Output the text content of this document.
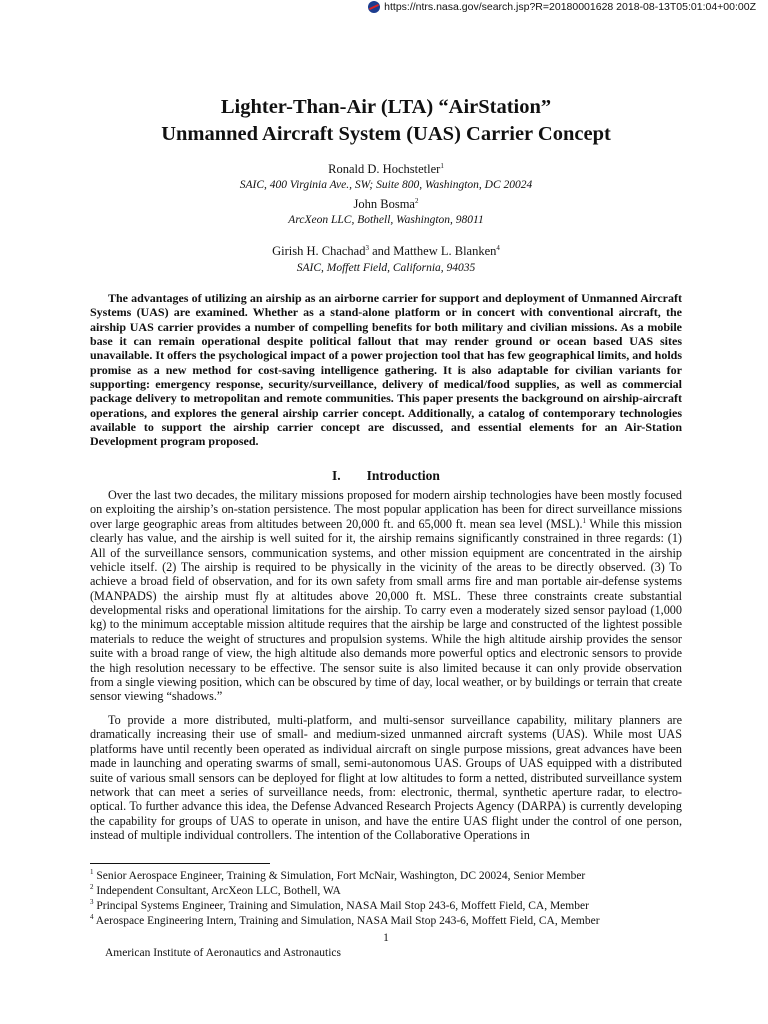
https://ntrs.nasa.gov/search.jsp?R=20180001628 2018-08-13T05:01:04+00:00Z
Lighter-Than-Air (LTA) “AirStation”
Unmanned Aircraft System (UAS) Carrier Concept
Ronald D. Hochstetler$^1$
SAIC, 400 Virginia Ave., SW; Suite 800, Washington, DC 20024
John Bosma$^2$
ArcXeon LLC, Bothell, Washington, 98011
Girish H. Chachad$^3$ and Matthew L. Blanken$^4$
SAIC, Moffett Field, California, 94035

The advantages of utilizing an airship as an airborne carrier for support and deployment of Unmanned Aircraft Systems (UAS) are examined. Whether as a stand-alone platform or in concert with conventional aircraft, the airship UAS carrier provides a number of compelling benefits for both military and civilian missions. As a mobile base it can remain operational despite political fallout that may render ground or ocean based UAS sites unavailable. It offers the psychological impact of a power projection tool that has few geographical limits, and holds promise as a new method for cost-saving intelligence gathering. It is also adaptable for civilian variants for supporting: emergency response, security/surveillance, delivery of medical/food supplies, as well as commercial package delivery to metropolitan and remote communities. This paper presents the background on airship-aircraft operations, and explores the general airship carrier concept. Additionally, a catalog of contemporary technologies available to support the airship carrier concept are discussed, and essential elements for an Air-Station Development program proposed.

I. Introduction

Over the last two decades, the military missions proposed for modern airship technologies have been mostly focused on exploiting the airship’s on-station persistence. The most popular application has been for direct surveillance missions over large geographic areas from altitudes between 20,000 ft. and 65,000 ft. mean sea level (MSL).$^1$ While this mission clearly has value, and the airship is well suited for it, the airship remains significantly constrained in three regards: (1) All of the surveillance sensors, communication systems, and other mission equipment are concentrated in the airship vehicle itself. (2) The airship is required to be physically in the vicinity of the areas to be directly observed. (3) To achieve a broad field of observation, and for its own safety from small arms fire and man portable air-defense systems (MANPADS) the airship must fly at altitudes above 20,000 ft. MSL. These three constraints create substantial developmental risks and operational limitations for the airship. To carry even a moderately sized sensor payload (1,000 kg) to the minimum acceptable mission altitude requires that the airship be large and constructed of the lightest possible materials to reduce the weight of structures and propulsion systems. While the high altitude airship provides the sensor suite with a broad range of view, the high altitude also demands more powerful optics and electronic sensors to provide the high resolution necessary to be effective. The sensor suite is also limited because it can only provide observation from a single viewing position, which can be obscured by time of day, local weather, or by buildings or terrain that create sensor viewing “shadows.”

To provide a more distributed, multi-platform, and multi-sensor surveillance capability, military planners are dramatically increasing their use of small- and medium-sized unmanned aircraft systems (UAS). While most UAS platforms have until recently been operated as individual aircraft on single purpose missions, great advances have been made in launching and operating swarms of small, semi-autonomous UAS. Groups of UAS equipped with a distributed suite of various small sensors can be deployed for flight at low altitudes to form a netted, distributed surveillance system network that can meet a series of surveillance needs, from: electronic, thermal, synthetic aperture radar, to electro-optical. To further advance this idea, the Defense Advanced Research Projects Agency (DARPA) is currently developing the capability for groups of UAS to operate in unison, and have the entire UAS flight under the control of one person, instead of multiple individual controllers. The intention of the Collaborative Operations in

$^1$ Senior Aerospace Engineer, Training & Simulation, Fort McNair, Washington, DC 20024, Senior Member
$^2$ Independent Consultant, ArcXeon LLC, Bothell, WA
$^3$ Principal Systems Engineer, Training and Simulation, NASA Mail Stop 243-6, Moffett Field, CA, Member
$^4$ Aerospace Engineering Intern, Training and Simulation, NASA Mail Stop 243-6, Moffett Field, CA, Member
1
American Institute of Aeronautics and Astronautics
